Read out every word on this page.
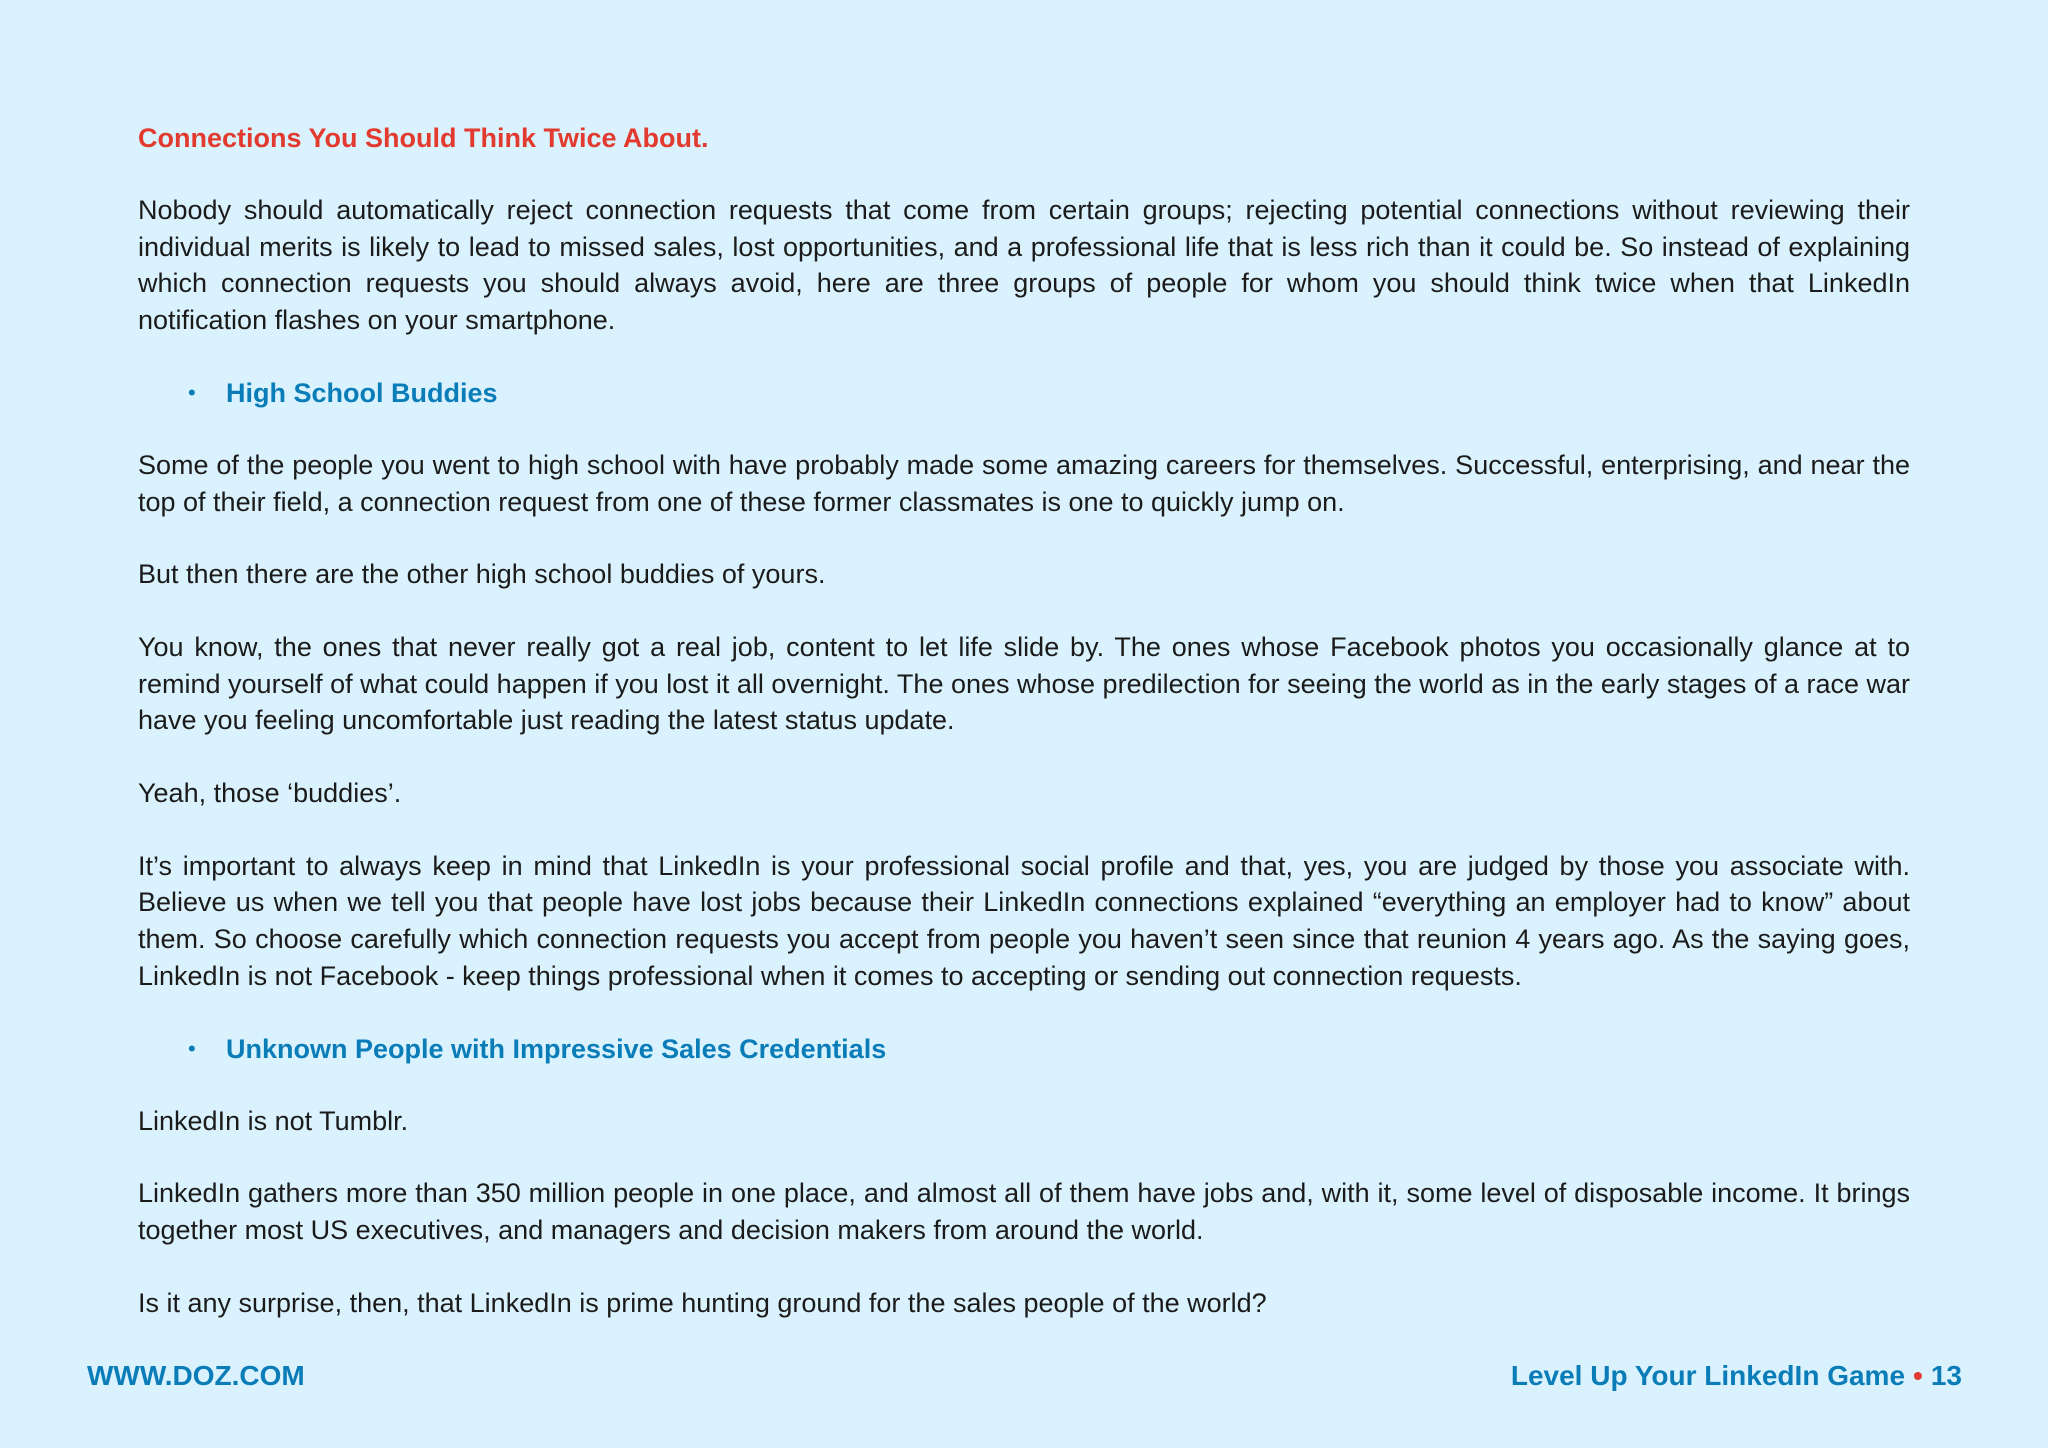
Connections You Should Think Twice About.

Nobody should automatically reject connection requests that come from certain groups; rejecting potential connections without reviewing their individual merits is likely to lead to missed sales, lost opportunities, and a professional life that is less rich than it could be. So instead of explaining which connection requests you should always avoid, here are three groups of people for whom you should think twice when that LinkedIn notification flashes on your smartphone.

•	High School Buddies

Some of the people you went to high school with have probably made some amazing careers for themselves. Successful, enterprising, and near the top of their field, a connection request from one of these former classmates is one to quickly jump on.

But then there are the other high school buddies of yours.

You know, the ones that never really got a real job, content to let life slide by. The ones whose Facebook photos you occasionally glance at to remind yourself of what could happen if you lost it all overnight. The ones whose predilection for seeing the world as in the early stages of a race war have you feeling uncomfortable just reading the latest status update.

Yeah, those ‘buddies’.

It’s important to always keep in mind that LinkedIn is your professional social profile and that, yes, you are judged by those you associate with. Believe us when we tell you that people have lost jobs because their LinkedIn connections explained “everything an employer had to know” about them. So choose carefully which connection requests you accept from people you haven’t seen since that reunion 4 years ago. As the saying goes, LinkedIn is not Facebook - keep things professional when it comes to accepting or sending out connection requests.

•	Unknown People with Impressive Sales Credentials

LinkedIn is not Tumblr.

LinkedIn gathers more than 350 million people in one place, and almost all of them have jobs and, with it, some level of disposable income. It brings together most US executives, and managers and decision makers from around the world.

Is it any surprise, then, that LinkedIn is prime hunting ground for the sales people of the world?

WWW.DOZ.COM	Level Up Your LinkedIn Game • 13
